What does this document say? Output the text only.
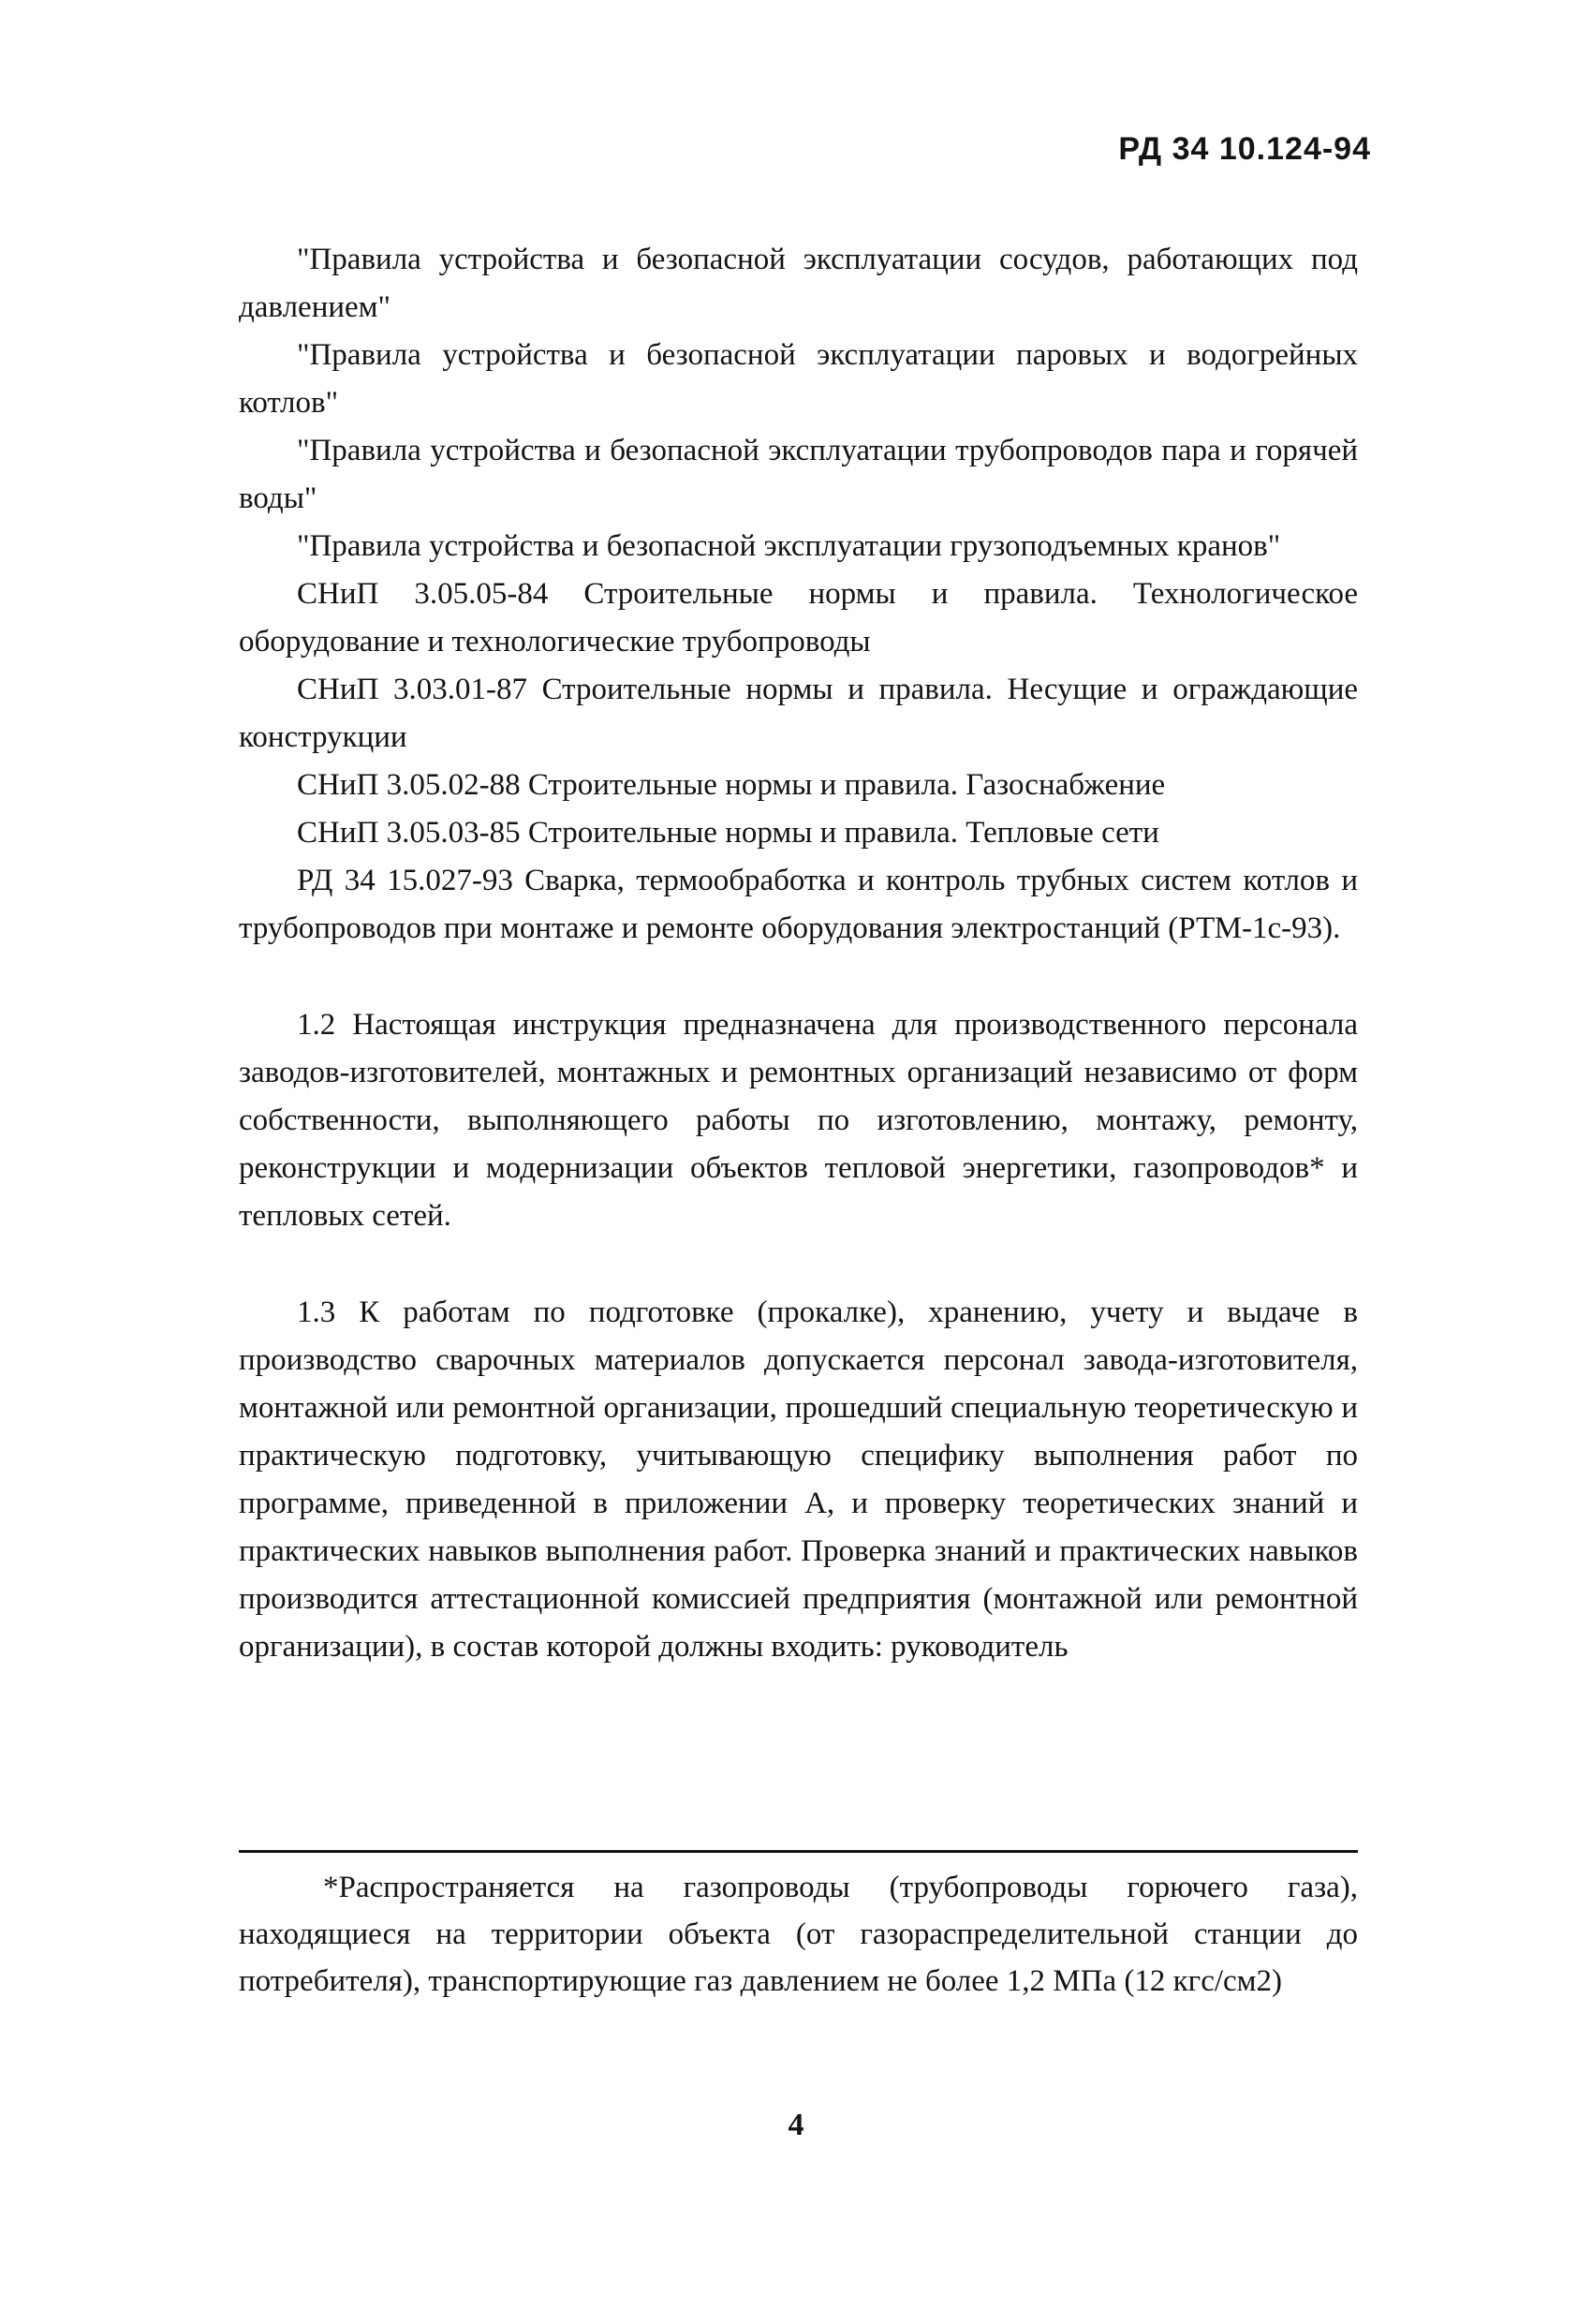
РД 34 10.124-94
"Правила устройства и безопасной эксплуатации сосудов, работающих под давлением"
"Правила устройства и безопасной эксплуатации паровых и водогрейных котлов"
"Правила устройства и безопасной эксплуатации трубопроводов пара и горячей воды"
"Правила устройства и безопасной эксплуатации грузоподъемных кранов"
СНиП 3.05.05-84 Строительные нормы и правила. Технологическое оборудование и технологические трубопроводы
СНиП 3.03.01-87 Строительные нормы и правила. Несущие и ограждающие конструкции
СНиП 3.05.02-88 Строительные нормы и правила. Газоснабжение
СНиП 3.05.03-85 Строительные нормы и правила. Тепловые сети
РД 34 15.027-93 Сварка, термообработка и контроль трубных систем котлов и трубопроводов при монтаже и ремонте оборудования электростанций (РТМ-1с-93).

1.2 Настоящая инструкция предназначена для производственного персонала заводов-изготовителей, монтажных и ремонтных организаций независимо от форм собственности, выполняющего работы по изготовлению, монтажу, ремонту, реконструкции и модернизации объектов тепловой энергетики, газопроводов* и тепловых сетей.

1.3 К работам по подготовке (прокалке), хранению, учету и выдаче в производство сварочных материалов допускается персонал завода-изготовителя, монтажной или ремонтной организации, прошедший специальную теоретическую и практическую подготовку, учитывающую специфику выполнения работ по программе, приведенной в приложении А, и проверку теоретических знаний и практических навыков выполнения работ. Проверка знаний и практических навыков производится аттестационной комиссией предприятия (монтажной или ремонтной организации), в состав которой должны входить: руководитель

*Распространяется на газопроводы (трубопроводы горючего газа), находящиеся на территории объекта (от газораспределительной станции до потребителя), транспортирующие газ давлением не более 1,2 МПа (12 кгс/см2)

4
